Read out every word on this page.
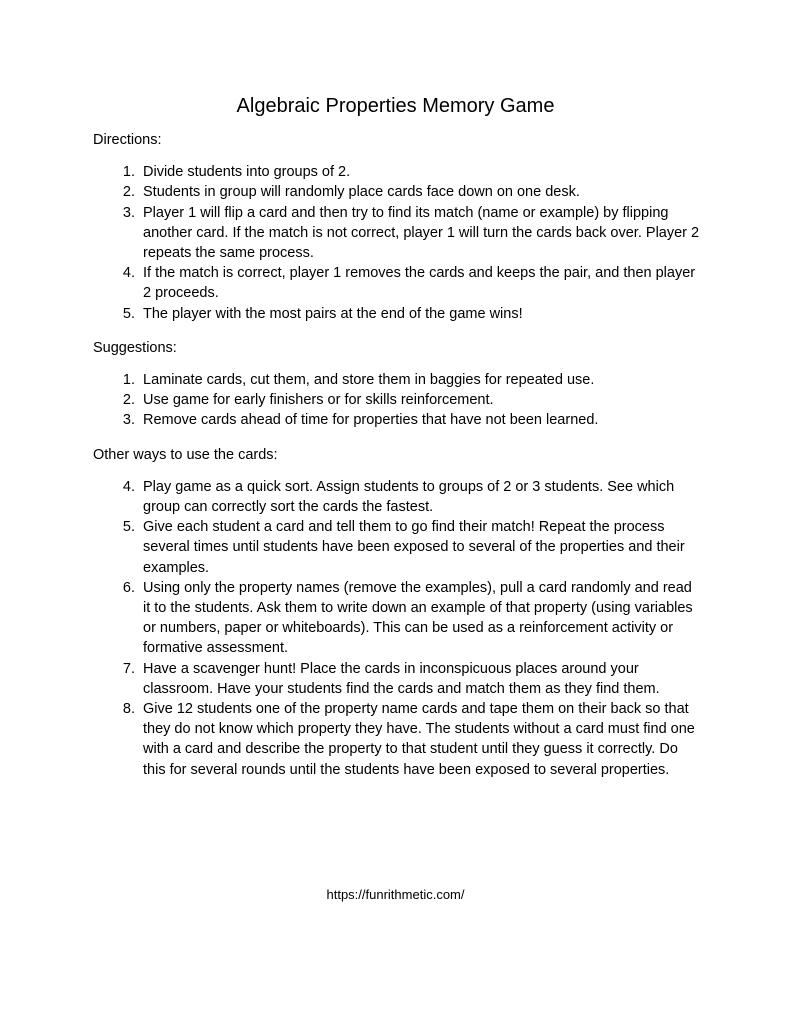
Algebraic Properties Memory Game

Directions:

1. Divide students into groups of 2.
2. Students in group will randomly place cards face down on one desk.
3. Player 1 will flip a card and then try to find its match (name or example) by flipping another card. If the match is not correct, player 1 will turn the cards back over. Player 2 repeats the same process.
4. If the match is correct, player 1 removes the cards and keeps the pair, and then player 2 proceeds.
5. The player with the most pairs at the end of the game wins!

Suggestions:

1. Laminate cards, cut them, and store them in baggies for repeated use.
2. Use game for early finishers or for skills reinforcement.
3. Remove cards ahead of time for properties that have not been learned.

Other ways to use the cards:

4. Play game as a quick sort. Assign students to groups of 2 or 3 students. See which group can correctly sort the cards the fastest.
5. Give each student a card and tell them to go find their match! Repeat the process several times until students have been exposed to several of the properties and their examples.
6. Using only the property names (remove the examples), pull a card randomly and read it to the students. Ask them to write down an example of that property (using variables or numbers, paper or whiteboards). This can be used as a reinforcement activity or formative assessment.
7. Have a scavenger hunt! Place the cards in inconspicuous places around your classroom. Have your students find the cards and match them as they find them.
8. Give 12 students one of the property name cards and tape them on their back so that they do not know which property they have. The students without a card must find one with a card and describe the property to that student until they guess it correctly. Do this for several rounds until the students have been exposed to several properties.
https://funrithmetic.com/
